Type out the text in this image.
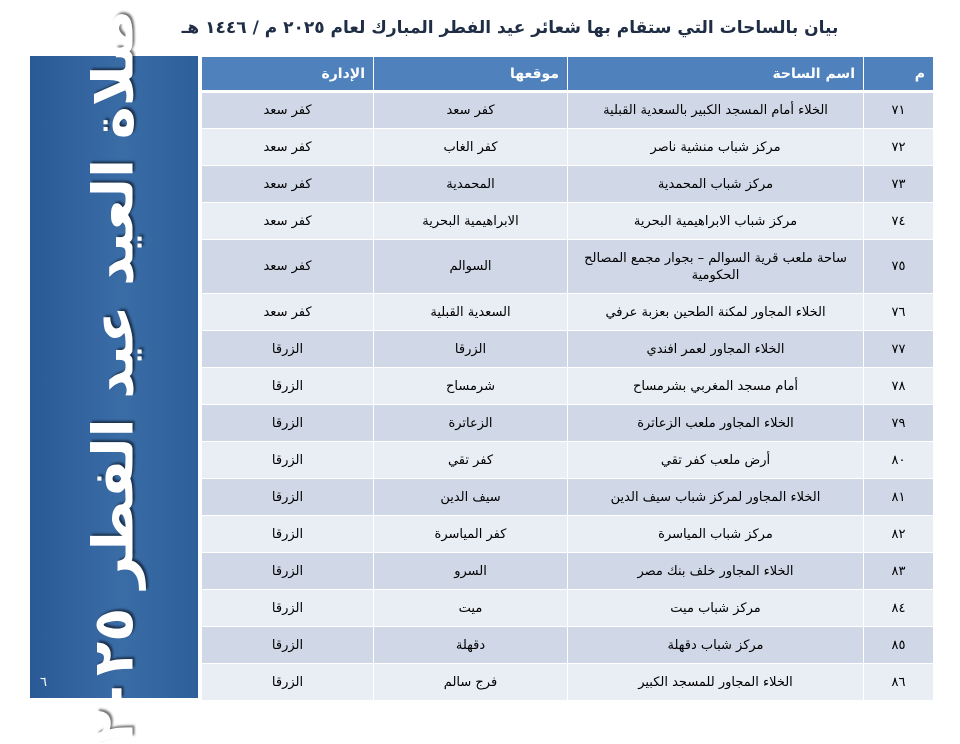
بيان بالساحات التي ستقام بها شعائر عيد الفطر المبارك لعام ٢٠٢٥ م / ١٤٤٦ هـ
صلاة العيد عيد الفطر ٢٠٢٥
٦
م	اسم الساحة	موقعها	الإدارة
٧١	الخلاء أمام المسجد الكبير بالسعدية القبلية	كفر سعد	كفر سعد
٧٢	مركز شباب منشية ناصر	كفر الغاب	كفر سعد
٧٣	مركز شباب المحمدية	المحمدية	كفر سعد
٧٤	مركز شباب الابراهيمية البحرية	الابراهيمية البحرية	كفر سعد
٧٥	ساحة ملعب قرية السوالم – بجوار مجمع المصالح الحكومية	السوالم	كفر سعد
٧٦	الخلاء المجاور لمكنة الطحين بعزبة عرفي	السعدية القبلية	كفر سعد
٧٧	الخلاء المجاور لعمر افندي	الزرقا	الزرقا
٧٨	أمام مسجد المغربي بشرمساح	شرمساح	الزرقا
٧٩	الخلاء المجاور ملعب الزعاترة	الزعاترة	الزرقا
٨٠	أرض ملعب كفر تقي	كفر تقي	الزرقا
٨١	الخلاء المجاور لمركز شباب سيف الدين	سيف الدين	الزرقا
٨٢	مركز شباب المياسرة	كفر المياسرة	الزرقا
٨٣	الخلاء المجاور خلف بنك مصر	السرو	الزرقا
٨٤	مركز شباب ميت	ميت	الزرقا
٨٥	مركز شباب دقهلة	دقهلة	الزرقا
٨٦	الخلاء المجاور للمسجد الكبير	فرج سالم	الزرقا
